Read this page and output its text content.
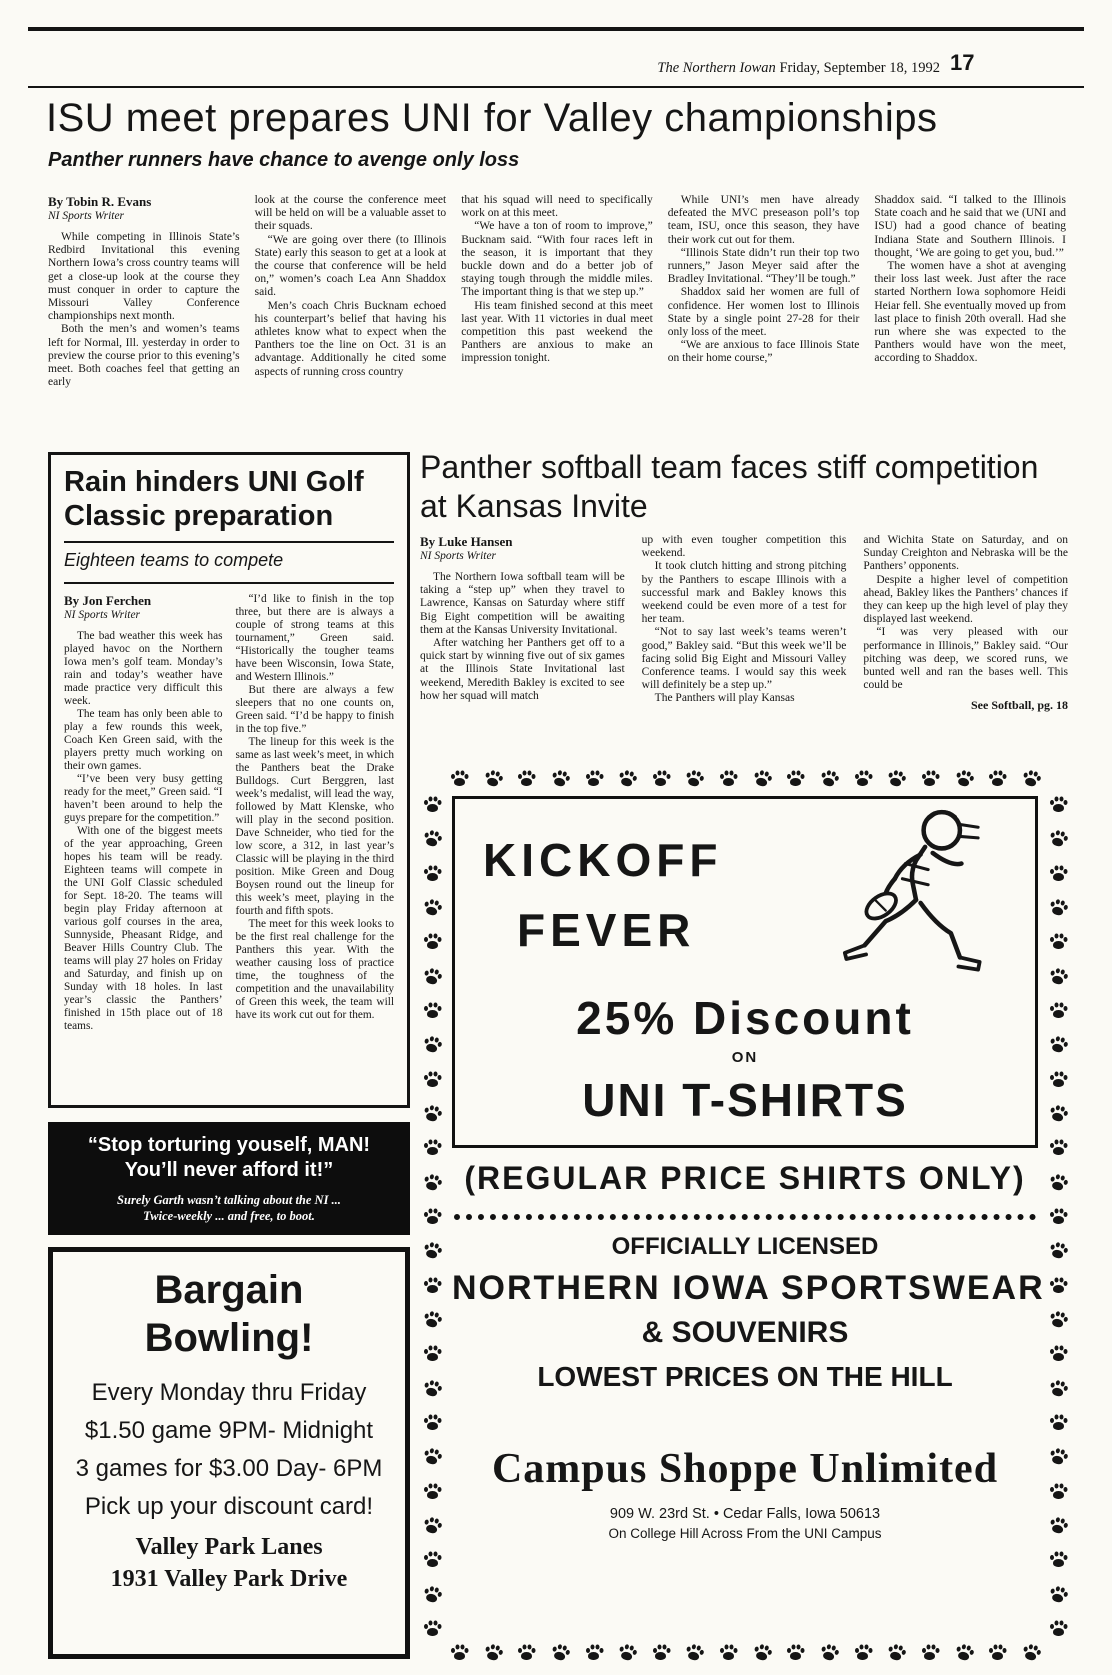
The Northern Iowan Friday, September 18, 1992 17
ISU meet prepares UNI for Valley championships
Panther runners have chance to avenge only loss
By Tobin R. Evans
NI Sports Writer

While competing in Illinois State’s Redbird Invitational this evening Northern Iowa’s cross country teams will get a close-up look at the course they must conquer in order to capture the Missouri Valley Conference championships next month.

Both the men’s and women’s teams left for Normal, Ill. yesterday in order to preview the course prior to this evening’s meet. Both coaches feel that getting an early

look at the course the conference meet will be held on will be a valuable asset to their squads.

“We are going over there (to Illinois State) early this season to get at a look at the course that conference will be held on,” women’s coach Lea Ann Shaddox said.

Men’s coach Chris Bucknam echoed his counterpart’s belief that having his athletes know what to expect when the Panthers toe the line on Oct. 31 is an advantage. Additionally he cited some aspects of running cross country

that his squad will need to specifically work on at this meet.

“We have a ton of room to improve,” Bucknam said. “With four races left in the season, it is important that they buckle down and do a better job of staying tough through the middle miles. The important thing is that we step up.”

His team finished second at this meet last year. With 11 victories in dual meet competition this past weekend the Panthers are anxious to make an impression tonight.

While UNI’s men have already defeated the MVC preseason poll’s top team, ISU, once this season, they have their work cut out for them.

“Illinois State didn’t run their top two runners,” Jason Meyer said after the Bradley Invitational. “They’ll be tough.”

Shaddox said her women are full of confidence. Her women lost to Illinois State by a single point 27-28 for their only loss of the meet.

“We are anxious to face Illinois State on their home course,”

Shaddox said. “I talked to the Illinois State coach and he said that we (UNI and ISU) had a good chance of beating Indiana State and Southern Illinois. I thought, ‘We are going to get you, bud.’”

The women have a shot at avenging their loss last week. Just after the race started Northern Iowa sophomore Heidi Heiar fell. She eventually moved up from last place to finish 20th overall. Had she run where she was expected to the Panthers would have won the meet, according to Shaddox.

Rain hinders UNI Golf Classic preparation
Eighteen teams to compete
By Jon Ferchen
NI Sports Writer

The bad weather this week has played havoc on the Northern Iowa men’s golf team. Monday’s rain and today’s weather have made practice very difficult this week.

The team has only been able to play a few rounds this week, Coach Ken Green said, with the players pretty much working on their own games.

“I’ve been very busy getting ready for the meet,” Green said. “I haven’t been around to help the guys prepare for the competition.”

With one of the biggest meets of the year approaching, Green hopes his team will be ready. Eighteen teams will compete in the UNI Golf Classic scheduled for Sept. 18-20. The teams will begin play Friday afternoon at various golf courses in the area, Sunnyside, Pheasant Ridge, and Beaver Hills Country Club. The teams will play 27 holes on Friday and Saturday, and finish up on Sunday with 18 holes. In last year’s classic the Panthers’ finished in 15th place out of 18 teams.

“I’d like to finish in the top three, but there are is always a couple of strong teams at this tournament,” Green said. “Historically the tougher teams have been Wisconsin, Iowa State, and Western Illinois.”

But there are always a few sleepers that no one counts on, Green said. “I’d be happy to finish in the top five.”

The lineup for this week is the same as last week’s meet, in which the Panthers beat the Drake Bulldogs. Curt Berggren, last week’s medalist, will lead the way, followed by Matt Klenske, who will play in the second position. Dave Schneider, who tied for the low score, a 312, in last year’s Classic will be playing in the third position. Mike Green and Doug Boysen round out the lineup for this week’s meet, playing in the fourth and fifth spots.

The meet for this week looks to be the first real challenge for the Panthers this year. With the weather causing loss of practice time, the toughness of the competition and the unavailability of Green this week, the team will have its work cut out for them.

Panther softball team faces stiff competition at Kansas Invite
By Luke Hansen
NI Sports Writer

The Northern Iowa softball team will be taking a “step up” when they travel to Lawrence, Kansas on Saturday where stiff Big Eight competition will be awaiting them at the Kansas University Invitational.

After watching her Panthers get off to a quick start by winning five out of six games at the Illinois State Invitational last weekend, Meredith Bakley is excited to see how her squad will match

up with even tougher competition this weekend.

It took clutch hitting and strong pitching by the Panthers to escape Illinois with a successful mark and Bakley knows this weekend could be even more of a test for her team.

“Not to say last week’s teams weren’t good,” Bakley said. “But this week we’ll be facing solid Big Eight and Missouri Valley Conference teams. I would say this week will definitely be a step up.”

The Panthers will play Kansas

and Wichita State on Saturday, and on Sunday Creighton and Nebraska will be the Panthers’ opponents.

Despite a higher level of competition ahead, Bakley likes the Panthers’ chances if they can keep up the high level of play they displayed last weekend.

“I was very pleased with our performance in Illinois,” Bakley said. “Our pitching was deep, we scored runs, we bunted well and ran the bases well. This could be

See Softball, pg. 18
“Stop torturing youself, MAN!
You’ll never afford it!”
Surely Garth wasn’t talking about the NI ...
Twice-weekly ... and free, to boot.
Bargain
Bowling!
Every Monday thru Friday
$1.50 game 9PM- Midnight
3 games for $3.00 Day- 6PM
Pick up your discount card!
Valley Park Lanes
1931 Valley Park Drive
KICKOFF
FEVER
25% Discount
ON
UNI T-SHIRTS
(REGULAR PRICE SHIRTS ONLY)
OFFICIALLY LICENSED
NORTHERN IOWA SPORTSWEAR
& SOUVENIRS
LOWEST PRICES ON THE HILL
Campus Shoppe Unlimited
909 W. 23rd St. • Cedar Falls, Iowa 50613
On College Hill Across From the UNI Campus
